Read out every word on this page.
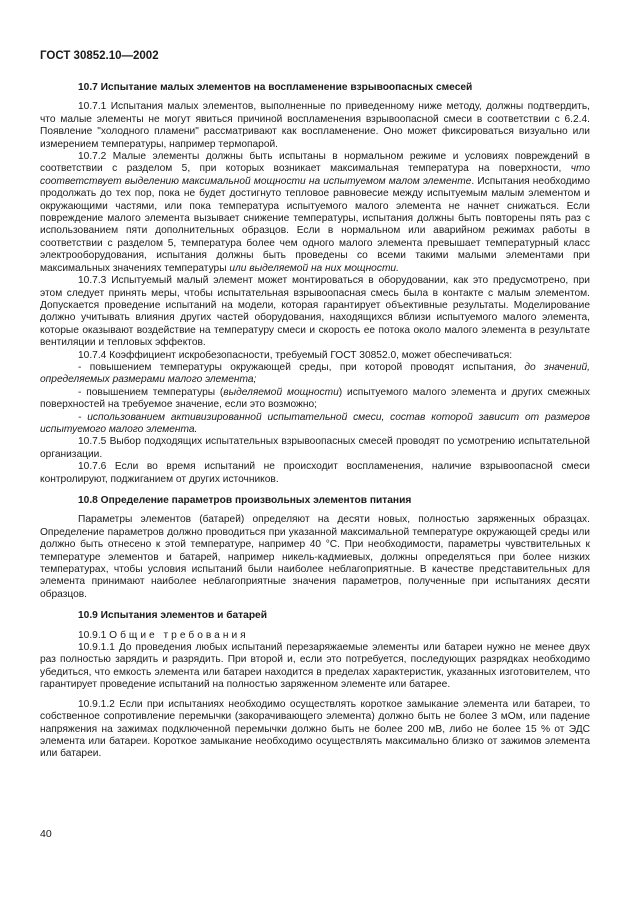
ГОСТ 30852.10—2002

10.7 Испытание малых элементов на воспламенение взрывоопасных смесей

10.7.1 Испытания малых элементов, выполненные по приведенному ниже методу, должны подтвердить, что малые элементы не могут явиться причиной воспламенения взрывоопасной смеси в соответствии с 6.2.4. Появление "холодного пламени" рассматривают как воспламенение. Оно может фиксироваться визуально или измерением температуры, например термопарой.

10.7.2 Малые элементы должны быть испытаны в нормальном режиме и условиях повреждений в соответствии с разделом 5, при которых возникает максимальная температура на поверхности, что соответствует выделению максимальной мощности на испытуемом малом элементе. Испытания необходимо продолжать до тех пор, пока не будет достигнуто тепловое равновесие между испытуемым малым элементом и окружающими частями, или пока температура испытуемого малого элемента не начнет снижаться. Если повреждение малого элемента вызывает снижение температуры, испытания должны быть повторены пять раз с использованием пяти дополнительных образцов. Если в нормальном или аварийном режимах работы в соответствии с разделом 5, температура более чем одного малого элемента превышает температурный класс электрооборудования, испытания должны быть проведены со всеми такими малыми элементами при максимальных значениях температуры или выделяемой на них мощности.

10.7.3 Испытуемый малый элемент может монтироваться в оборудовании, как это предусмотрено, при этом следует принять меры, чтобы испытательная взрывоопасная смесь была в контакте с малым элементом. Допускается проведение испытаний на модели, которая гарантирует объективные результаты. Моделирование должно учитывать влияния других частей оборудования, находящихся вблизи испытуемого малого элемента, которые оказывают воздействие на температуру смеси и скорость ее потока около малого элемента в результате вентиляции и тепловых эффектов.

10.7.4 Коэффициент искробезопасности, требуемый ГОСТ 30852.0, может обеспечиваться:

- повышением температуры окружающей среды, при которой проводят испытания, до значений, определяемых размерами малого элемента;

- повышением температуры (выделяемой мощности) испытуемого малого элемента и других смежных поверхностей на требуемое значение, если это возможно;

- использованием активизированной испытательной смеси, состав которой зависит от размеров испытуемого малого элемента.

10.7.5 Выбор подходящих испытательных взрывоопасных смесей проводят по усмотрению испытательной организации.

10.7.6 Если во время испытаний не происходит воспламенения, наличие взрывоопасной смеси контролируют, поджиганием от других источников.

10.8 Определение параметров произвольных элементов питания

Параметры элементов (батарей) определяют на десяти новых, полностью заряженных образцах. Определение параметров должно проводиться при указанной максимальной температуре окружающей среды или должно быть отнесено к этой температуре, например 40 °С. При необходимости, параметры чувствительных к температуре элементов и батарей, например никель-кадмиевых, должны определяться при более низких температурах, чтобы условия испытаний были наиболее неблагоприятные. В качестве представительных для элемента принимают наиболее неблагоприятные значения параметров, полученные при испытаниях десяти образцов.

10.9 Испытания элементов и батарей

10.9.1 Общие требования

10.9.1.1 До проведения любых испытаний перезаряжаемые элементы или батареи нужно не менее двух раз полностью зарядить и разрядить. При второй и, если это потребуется, последующих разрядках необходимо убедиться, что емкость элемента или батареи находится в пределах характеристик, указанных изготовителем, что гарантирует проведение испытаний на полностью заряженном элементе или батарее.

10.9.1.2 Если при испытаниях необходимо осуществлять короткое замыкание элемента или батареи, то собственное сопротивление перемычки (закорачивающего элемента) должно быть не более 3 мОм, или падение напряжения на зажимах подключенной перемычки должно быть не более 200 мВ, либо не более 15 % от ЭДС элемента или батареи. Короткое замыкание необходимо осуществлять максимально близко от зажимов элемента или батареи.

40
